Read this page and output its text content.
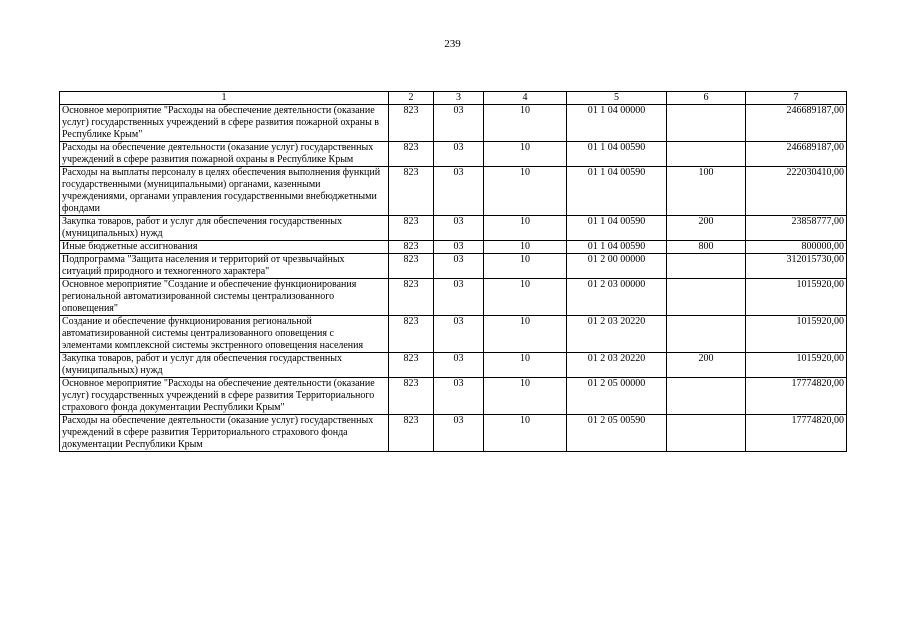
239
1	2	3	4	5	6	7
Основное мероприятие "Расходы на обеспечение деятельности (оказание услуг) государственных учреждений в сфере развития пожарной охраны в Республике Крым"	823	03	10	01 1 04 00000		246689187,00
Расходы на обеспечение деятельности (оказание услуг) государственных учреждений в сфере развития пожарной охраны в Республике Крым	823	03	10	01 1 04 00590		246689187,00
Расходы на выплаты персоналу в целях обеспечения выполнения функций государственными (муниципальными) органами, казенными учреждениями, органами управления государственными внебюджетными фондами	823	03	10	01 1 04 00590	100	222030410,00
Закупка товаров, работ и услуг для обеспечения государственных (муниципальных) нужд	823	03	10	01 1 04 00590	200	23858777,00
Иные бюджетные ассигнования	823	03	10	01 1 04 00590	800	800000,00
Подпрограмма "Защита населения и территорий от чрезвычайных ситуаций природного и техногенного характера"	823	03	10	01 2 00 00000		312015730,00
Основное мероприятие "Создание и обеспечение функционирования региональной автоматизированной системы централизованного оповещения"	823	03	10	01 2 03 00000		1015920,00
Создание и обеспечение функционирования региональной автоматизированной системы централизованного оповещения с элементами комплексной системы экстренного оповещения населения	823	03	10	01 2 03 20220		1015920,00
Закупка товаров, работ и услуг для обеспечения государственных (муниципальных) нужд	823	03	10	01 2 03 20220	200	1015920,00
Основное мероприятие "Расходы на обеспечение деятельности (оказание услуг) государственных учреждений в сфере развития Территориального страхового фонда документации Республики Крым"	823	03	10	01 2 05 00000		17774820,00
Расходы на обеспечение деятельности (оказание услуг) государственных учреждений в сфере развития Территориального страхового фонда документации Республики Крым	823	03	10	01 2 05 00590		17774820,00
